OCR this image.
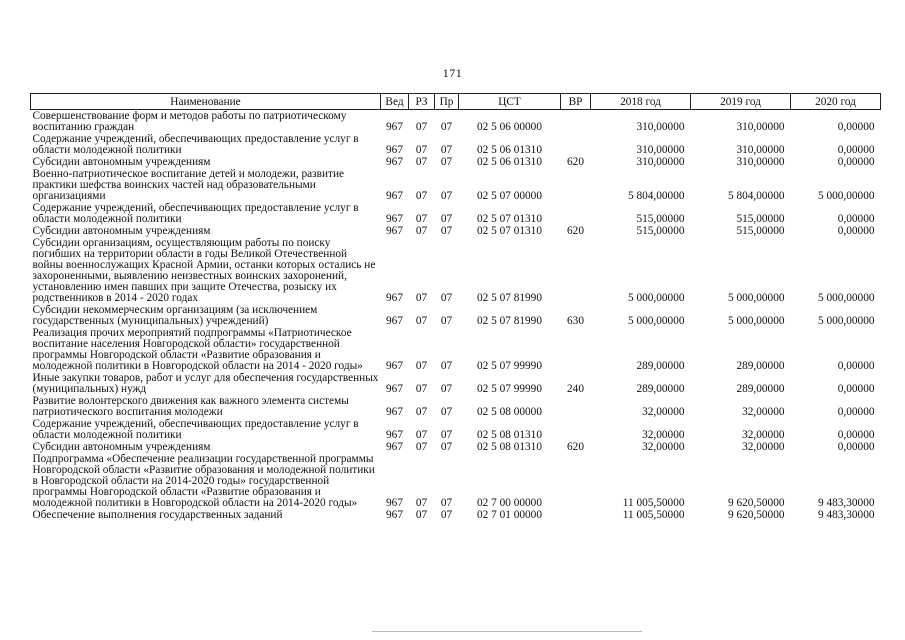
171
Наименование	Вед	РЗ	Пр	ЦСТ	ВР	2018 год	2019 год	2020 год
Совершенствование форм и методов работы по патриотическому воспитанию граждан	967	07	07	02 5 06 00000		310,00000	310,00000	0,00000
Содержание учреждений, обеспечивающих предоставление услуг в области молодежной политики	967	07	07	02 5 06 01310		310,00000	310,00000	0,00000
Субсидии автономным учреждениям	967	07	07	02 5 06 01310	620	310,00000	310,00000	0,00000
Военно-патриотическое воспитание детей и молодежи, развитие практики шефства воинских частей над образовательными организациями	967	07	07	02 5 07 00000		5 804,00000	5 804,00000	5 000,00000
Содержание учреждений, обеспечивающих предоставление услуг в области молодежной политики	967	07	07	02 5 07 01310		515,00000	515,00000	0,00000
Субсидии автономным учреждениям	967	07	07	02 5 07 01310	620	515,00000	515,00000	0,00000
Субсидии организациям, осуществляющим работы по поиску погибших на территории области в годы Великой Отечественной войны военнослужащих Красной Армии, останки которых остались не захороненными, выявлению неизвестных воинских захоронений, установлению имен павших при защите Отечества, розыску их родственников в 2014 - 2020 годах	967	07	07	02 5 07 81990		5 000,00000	5 000,00000	5 000,00000
Субсидии некоммерческим организациям (за исключением государственных (муниципальных) учреждений)	967	07	07	02 5 07 81990	630	5 000,00000	5 000,00000	5 000,00000
Реализация прочих мероприятий подпрограммы «Патриотическое воспитание населения Новгородской области» государственной программы Новгородской области «Развитие образования и молодежной политики в Новгородской области на 2014 - 2020 годы»	967	07	07	02 5 07 99990		289,00000	289,00000	0,00000
Иные закупки товаров, работ и услуг для обеспечения государственных (муниципальных) нужд	967	07	07	02 5 07 99990	240	289,00000	289,00000	0,00000
Развитие волонтерского движения как важного элемента системы патриотического воспитания молодежи	967	07	07	02 5 08 00000		32,00000	32,00000	0,00000
Содержание учреждений, обеспечивающих предоставление услуг в области молодежной политики	967	07	07	02 5 08 01310		32,00000	32,00000	0,00000
Субсидии автономным учреждениям	967	07	07	02 5 08 01310	620	32,00000	32,00000	0,00000
Подпрограмма «Обеспечение реализации государственной программы Новгородской области «Развитие образования и молодежной политики в Новгородской области на 2014-2020 годы» государственной программы Новгородской области «Развитие образования и молодежной политики в Новгородской области на 2014-2020 годы»	967	07	07	02 7 00 00000		11 005,50000	9 620,50000	9 483,30000
Обеспечение выполнения государственных заданий	967	07	07	02 7 01 00000		11 005,50000	9 620,50000	9 483,30000
